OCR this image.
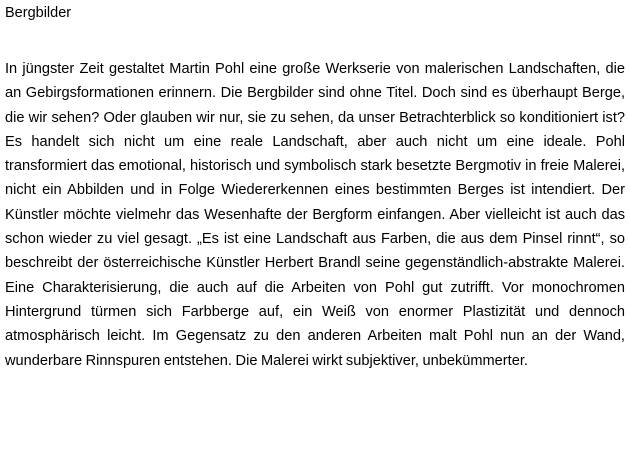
Bergbilder
In jüngster Zeit gestaltet Martin Pohl eine große Werkserie von malerischen Landschaften, die
an Gebirgsformationen erinnern. Die Bergbilder sind ohne Titel. Doch sind es überhaupt Berge,
die wir sehen? Oder glauben wir nur, sie zu sehen, da unser Betrachterblick so konditioniert ist?
Es handelt sich nicht um eine reale Landschaft, aber auch nicht um eine ideale. Pohl
transformiert das emotional, historisch und symbolisch stark besetzte Bergmotiv in freie Malerei,
nicht ein Abbilden und in Folge Wiedererkennen eines bestimmten Berges ist intendiert. Der
Künstler möchte vielmehr das Wesenhafte der Bergform einfangen. Aber vielleicht ist auch das
schon wieder zu viel gesagt. „Es ist eine Landschaft aus Farben, die aus dem Pinsel rinnt“, so
beschreibt der österreichische Künstler Herbert Brandl seine gegenständlich-abstrakte Malerei.
Eine Charakterisierung, die auch auf die Arbeiten von Pohl gut zutrifft. Vor monochromen
Hintergrund türmen sich Farbberge auf, ein Weiß von enormer Plastizität und dennoch
atmosphärisch leicht. Im Gegensatz zu den anderen Arbeiten malt Pohl nun an der Wand,
wunderbare Rinnspuren entstehen. Die Malerei wirkt subjektiver, unbekümmerter.
